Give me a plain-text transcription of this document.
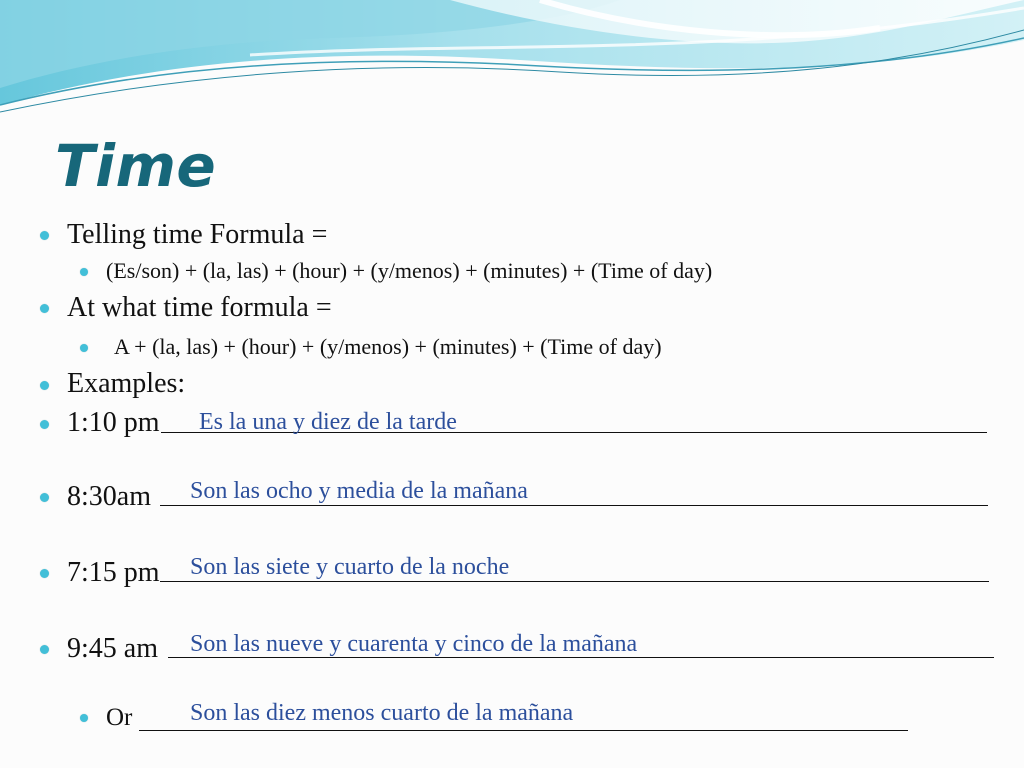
Time

Telling time Formula =

(Es/son) + (la, las) + (hour) + (y/menos) + (minutes) + (Time of day)

At what time formula =

A + (la, las) + (hour) + (y/menos) + (minutes) + (Time of day)

Examples:

1:10 pm Es la una y diez de la tarde

8:30am Son las ocho y media de la mañana

7:15 pm Son las siete y cuarto de la noche

9:45 am Son las nueve y cuarenta y cinco de la mañana

Or Son las diez menos cuarto de la mañana
